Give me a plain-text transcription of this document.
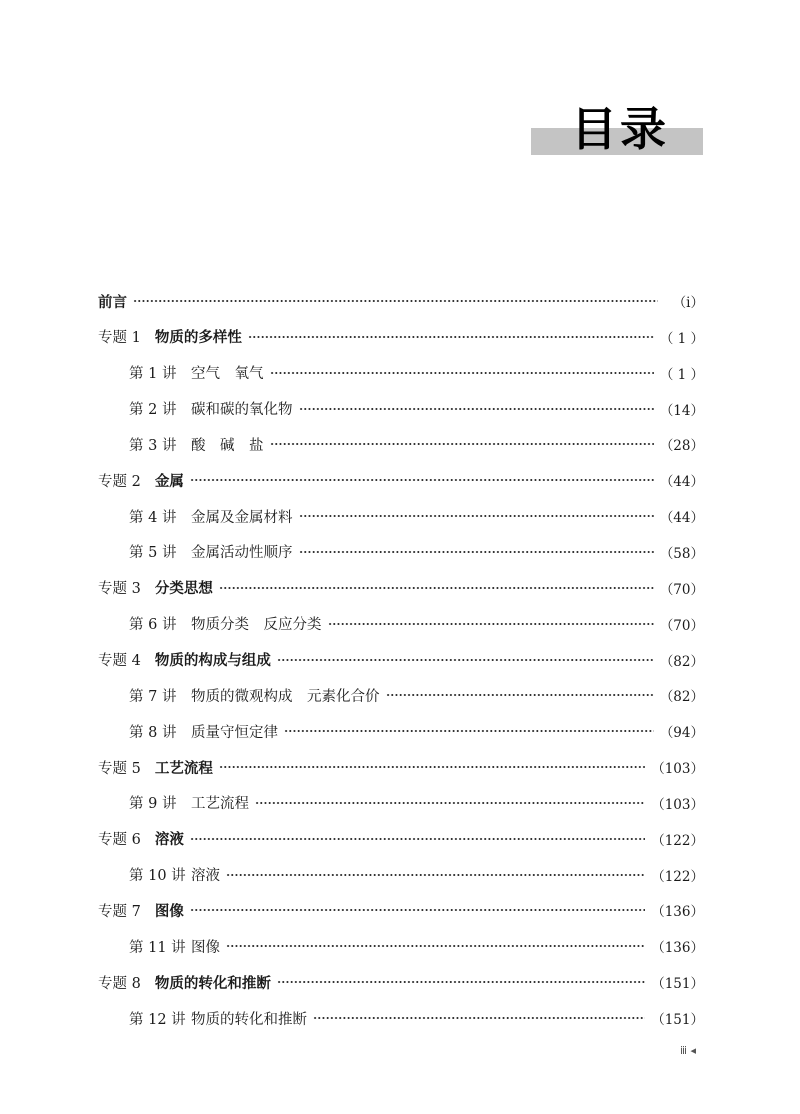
目录
前言	（ⅰ）
专题 1 物质的多样性	（ 1 ）
第 1 讲	空气　氧气	（ 1 ）
第 2 讲	碳和碳的氧化物	（14）
第 3 讲	酸　碱　盐	（28）
专题 2 金属	（44）
第 4 讲	金属及金属材料	（44）
第 5 讲	金属活动性顺序	（58）
专题 3 分类思想	（70）
第 6 讲	物质分类　反应分类	（70）
专题 4 物质的构成与组成	（82）
第 7 讲	物质的微观构成　元素化合价	（82）
第 8 讲	质量守恒定律	（94）
专题 5 工艺流程	（103）
第 9 讲	工艺流程	（103）
专题 6 溶液	（122）
第 10 讲 溶液	（122）
专题 7 图像	（136）
第 11 讲 图像	（136）
专题 8 物质的转化和推断	（151）
第 12 讲 物质的转化和推断	（151）
ⅲ ◂
